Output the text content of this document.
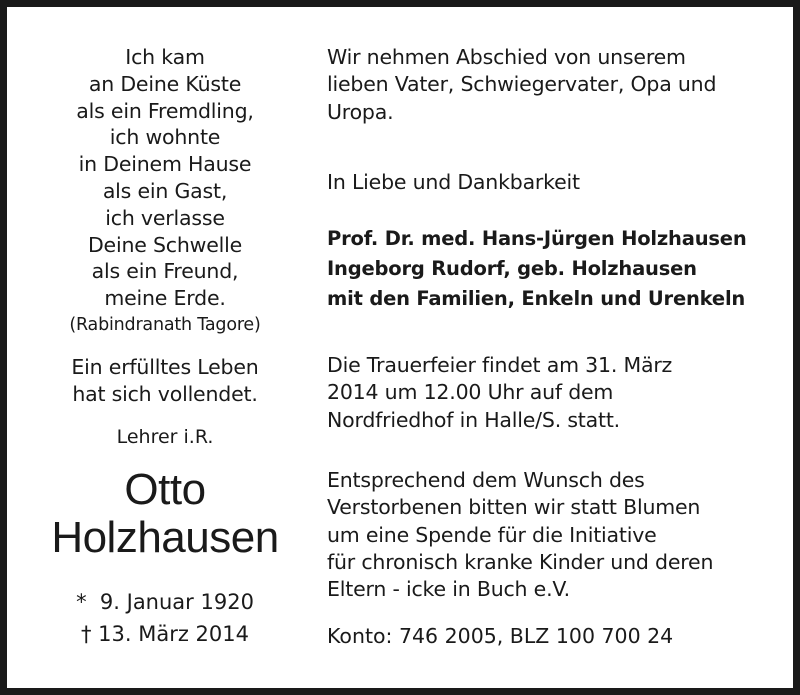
Ich kam
an Deine Küste
als ein Fremdling,
ich wohnte
in Deinem Hause
als ein Gast,
ich verlasse
Deine Schwelle
als ein Freund,
meine Erde.
(Rabindranath Tagore)
Ein erfülltes Leben
hat sich vollendet.
Lehrer i.R.
Otto
Holzhausen
*  9. Januar 1920
† 13. März 2014
Wir nehmen Abschied von unserem
lieben Vater, Schwiegervater, Opa und
Uropa.
In Liebe und Dankbarkeit
Prof. Dr. med. Hans-Jürgen Holzhausen
Ingeborg Rudorf, geb. Holzhausen
mit den Familien, Enkeln und Urenkeln
Die Trauerfeier findet am 31. März
2014 um 12.00 Uhr auf dem
Nordfriedhof in Halle/S. statt.
Entsprechend dem Wunsch des
Verstorbenen bitten wir statt Blumen
um eine Spende für die Initiative
für chronisch kranke Kinder und deren
Eltern - icke in Buch e.V.
Konto: 746 2005, BLZ 100 700 24
